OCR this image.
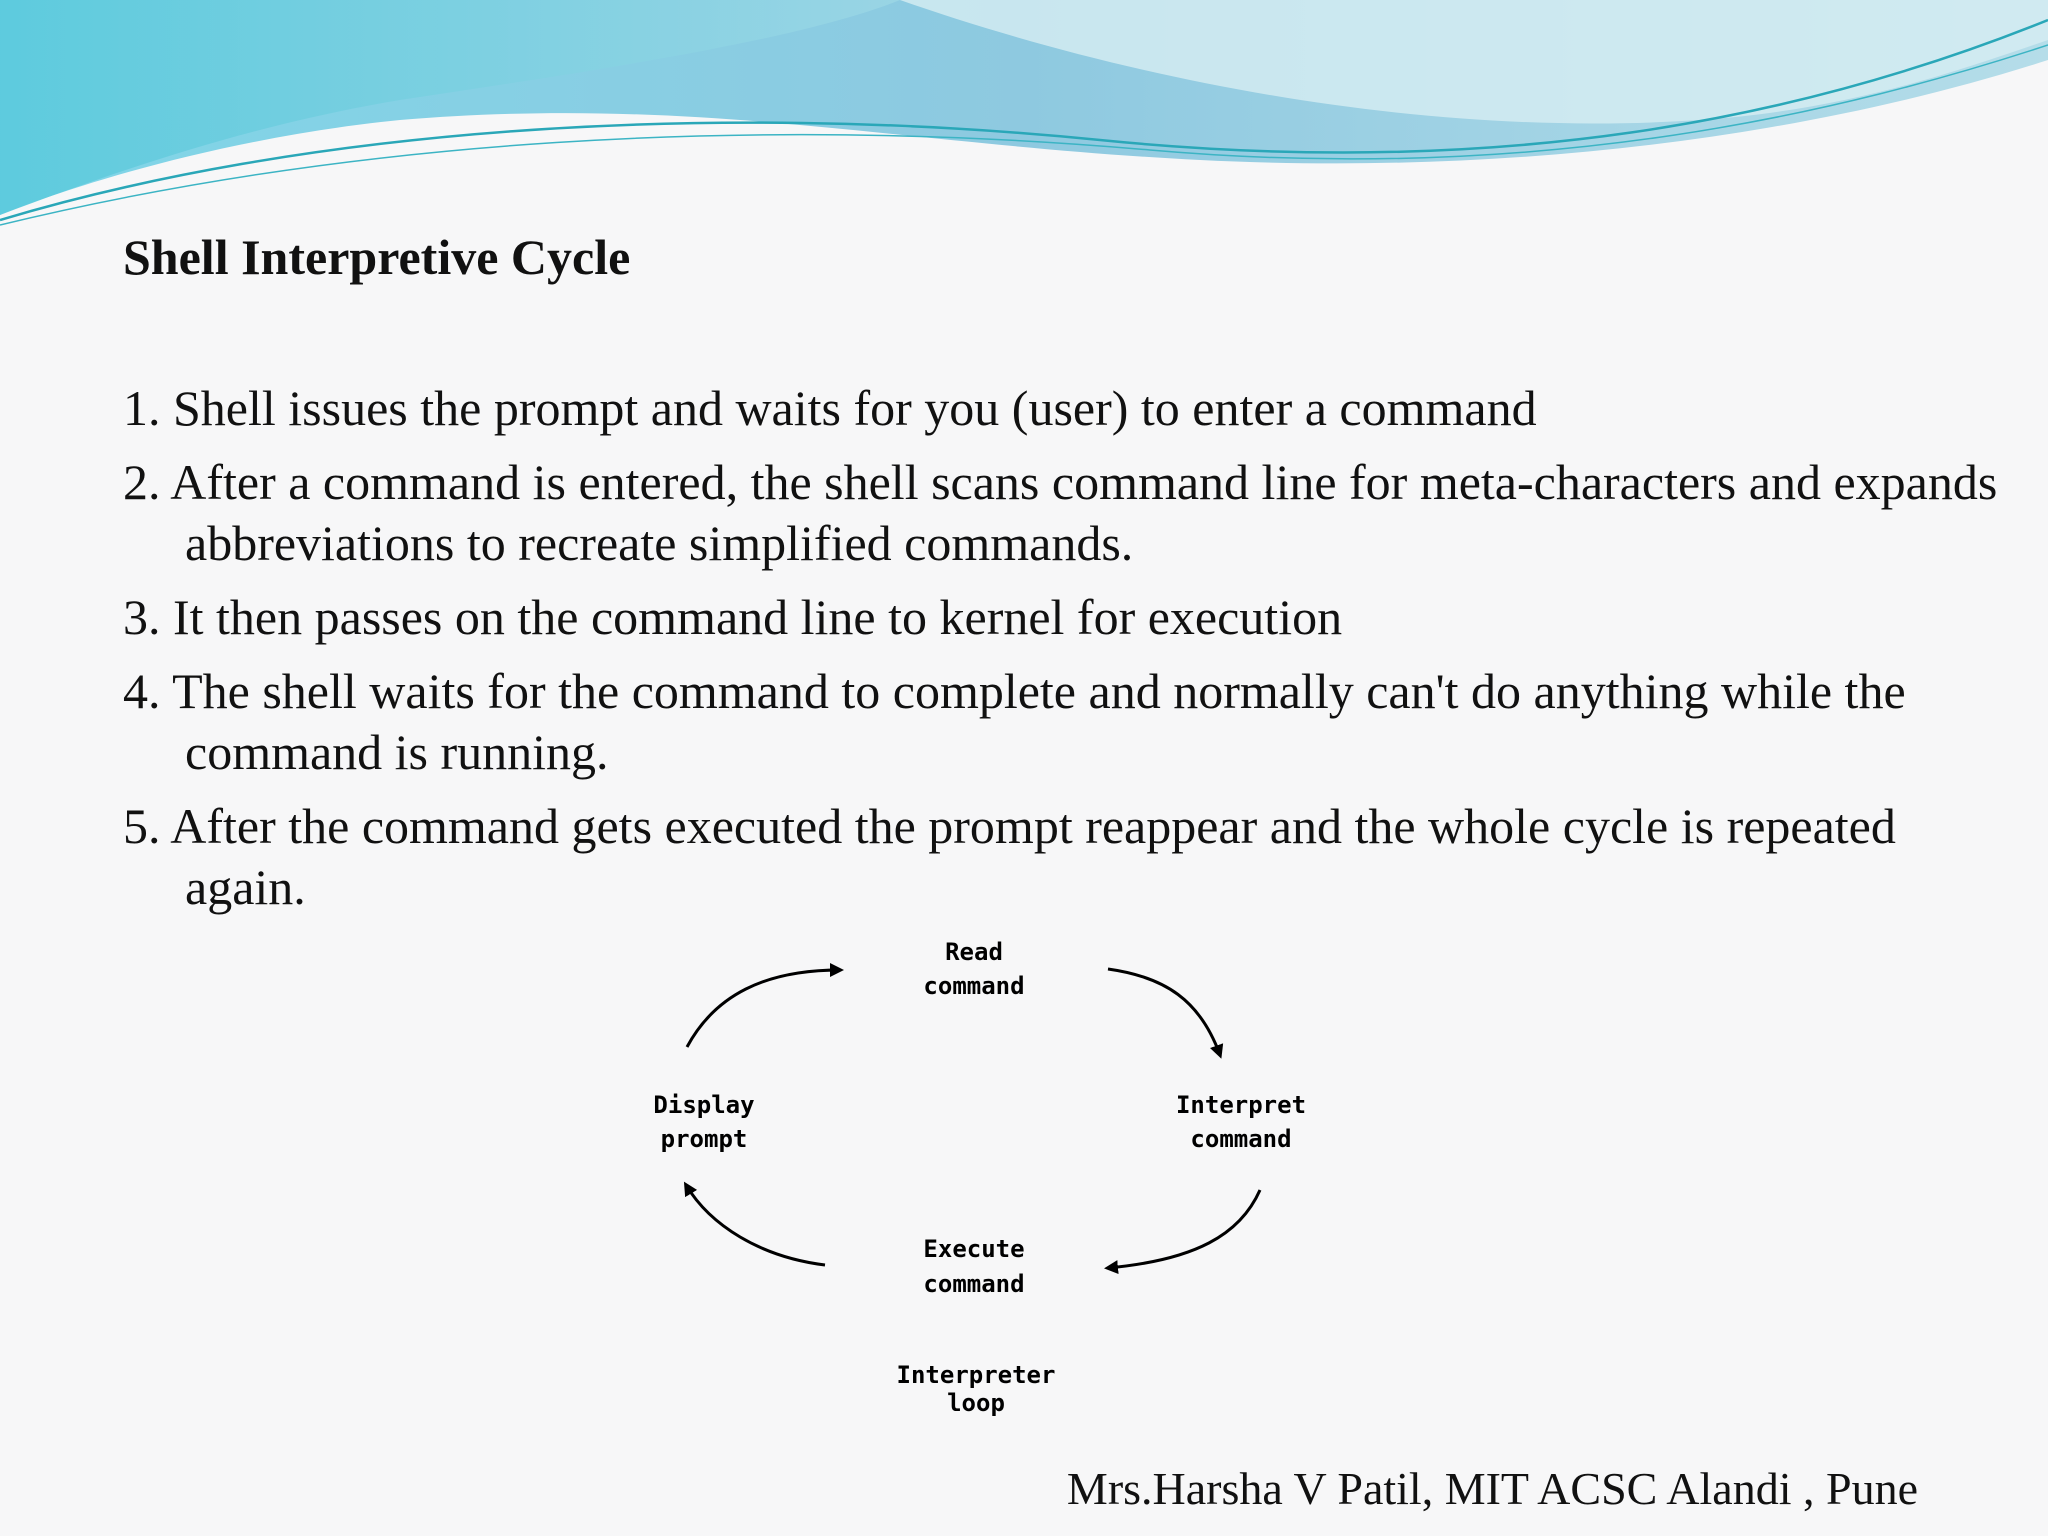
Shell Interpretive Cycle
1. Shell issues the prompt and waits for you (user) to enter a command
2. After a command is entered, the shell scans command line for meta-characters and expands abbreviations to recreate simplified commands.
3. It then passes on the command line to kernel for execution
4. The shell waits for the command to complete and normally can't do anything while the command is running.
5. After the command gets executed the prompt reappear and the whole cycle is repeated again.
Read
command
Interpret
command
Execute
command
Display
prompt
Interpreter
loop

Mrs.Harsha V Patil, MIT ACSC Alandi , Pune
